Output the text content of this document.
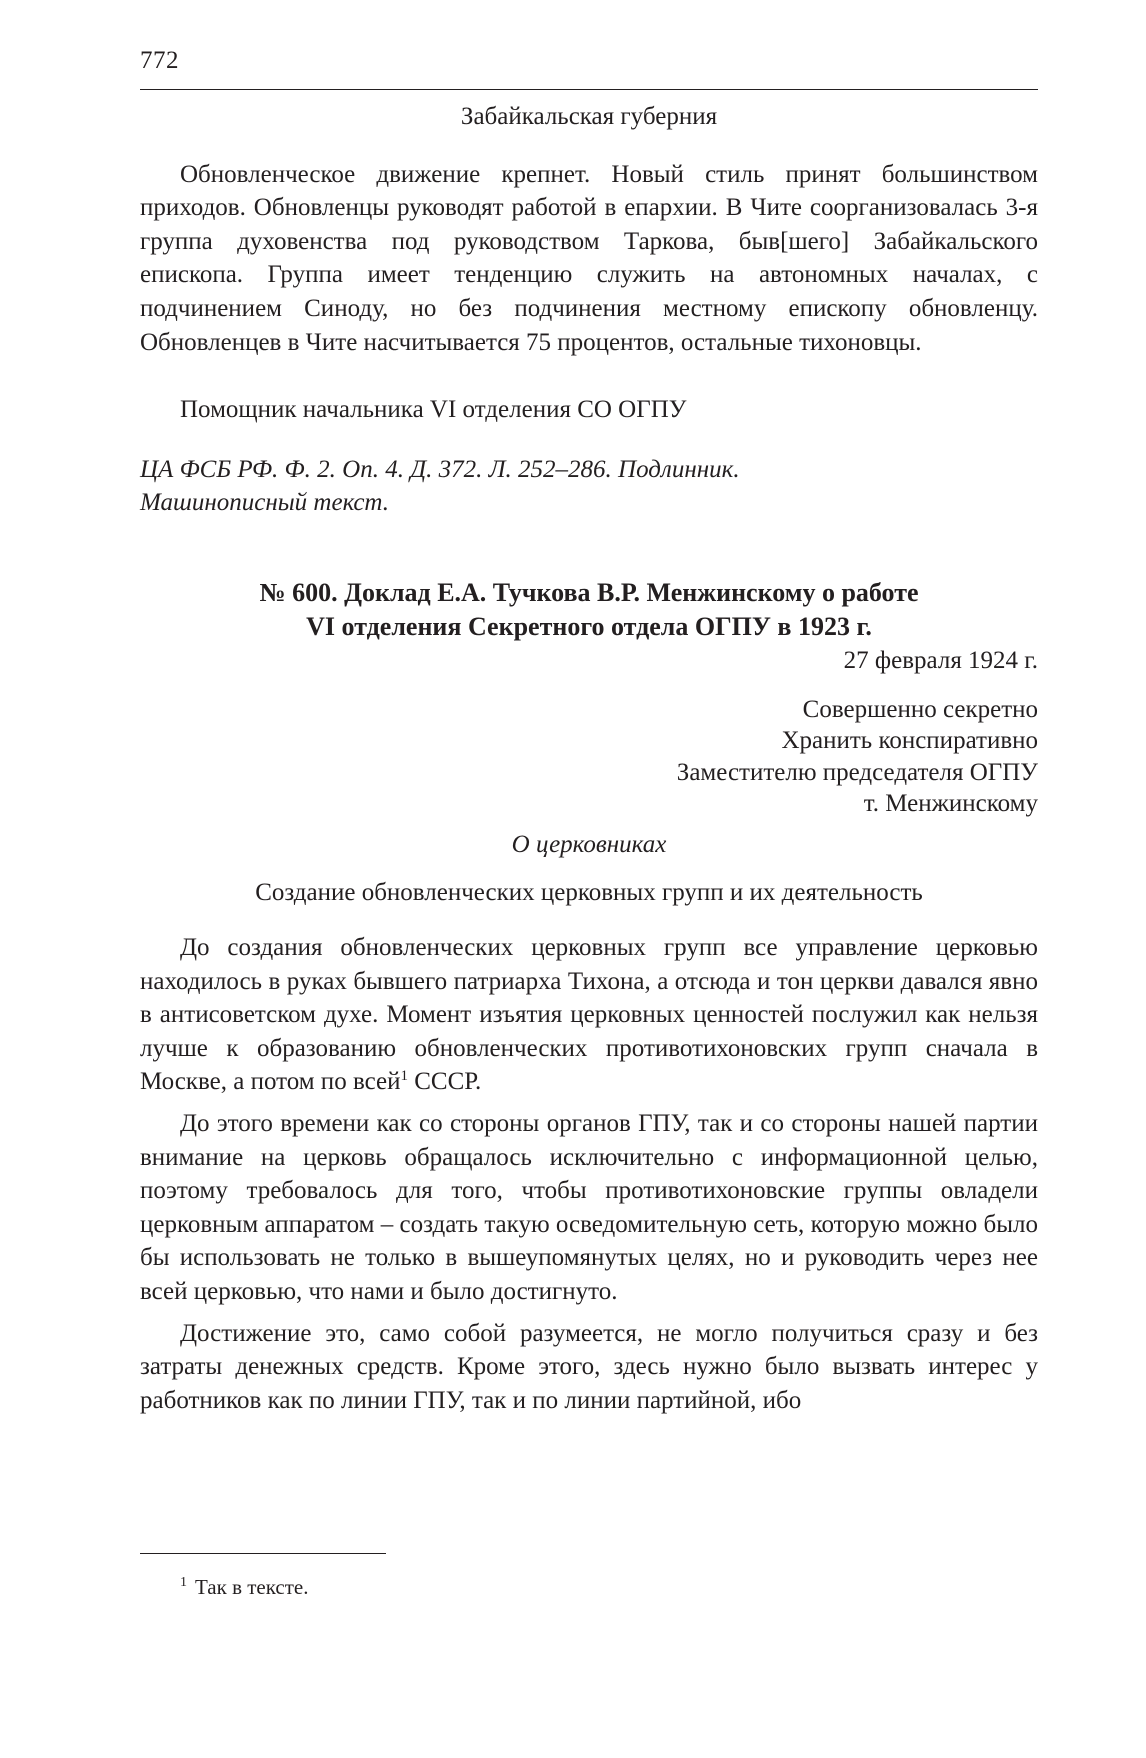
772
Забайкальская губерния

Обновленческое движение крепнет. Новый стиль принят большинством приходов. Обновленцы руководят работой в епархии. В Чите соорганизовалась 3-я группа духовенства под руководством Таркова, быв[шего] Забайкальского епископа. Группа имеет тенденцию служить на автономных началах, с подчинением Синоду, но без подчинения местному епископу обновленцу. Обновленцев в Чите насчитывается 75 процентов, остальные тихоновцы.

Помощник начальника VI отделения СО ОГПУ
ЦА ФСБ РФ. Ф. 2. Оп. 4. Д. 372. Л. 252–286. Подлинник.
Машинописный текст.
№ 600. Доклад Е.А. Тучкова В.Р. Менжинскому о работе
VI отделения Секретного отдела ОГПУ в 1923 г.
27 февраля 1924 г.
Совершенно секретно
Хранить конспиративно
Заместителю председателя ОГПУ
т. Менжинскому
О церковниках
Создание обновленческих церковных групп и их деятельность

До создания обновленческих церковных групп все управление церковью находилось в руках бывшего патриарха Тихона, а отсюда и тон церкви давался явно в антисоветском духе. Момент изъятия церковных ценностей послужил как нельзя лучше к образованию обновленческих противотихоновских групп сначала в Москве, а потом по всей$^1$ СССР.

До этого времени как со стороны органов ГПУ, так и со стороны нашей партии внимание на церковь обращалось исключительно с информационной целью, поэтому требовалось для того, чтобы противотихоновские группы овладели церковным аппаратом – создать такую осведомительную сеть, которую можно было бы использовать не только в вышеупомянутых целях, но и руководить через нее всей церковью, что нами и было достигнуто.

Достижение это, само собой разумеется, не могло получиться сразу и без затраты денежных средств. Кроме этого, здесь нужно было вызвать интерес у работников как по линии ГПУ, так и по линии партийной, ибо

$^1$ Так в тексте.
